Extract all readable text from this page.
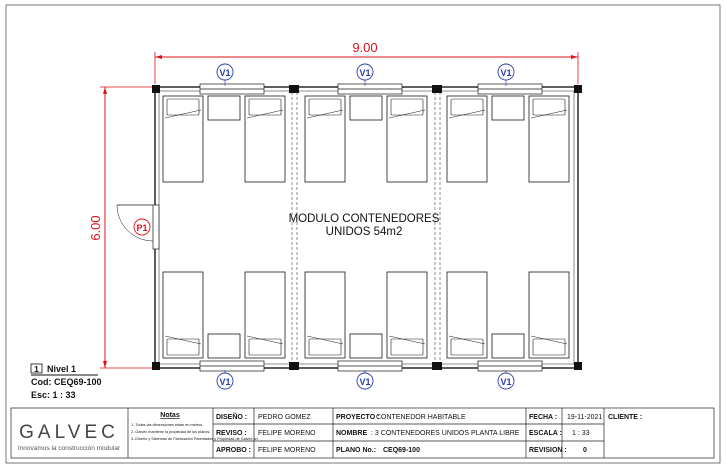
9.00
6.00
V1	V1	V1
V1	V1	V1
P1
MODULO CONTENEDORES
UNIDOS 54m2
1 Nivel 1
Cod: CEQ69-100
Esc: 1 : 33
GALVEC
Innovamos la construcción modular
Notas
1.-Todas las dimensiones estan en metros.
2.-Galvec mantiene la propiedad de los planos.
3.-Diseño y Sistemas de Fabricación Patentados y Propiedad de Galvec srl.
DISEÑO : PEDRO GOMEZ
REVISO : FELIPE MORENO
APROBO : FELIPE MORENO
PROYECTO :
CONTENEDOR HABITABLE
NOMBRE : 3 CONTENEDORES UNIDOS PLANTA LIBRE
PLANO No.: CEQ69-100
FECHA : 19-11-2021
ESCALA : 1 : 33
REVISION : 0
CLIENTE :
